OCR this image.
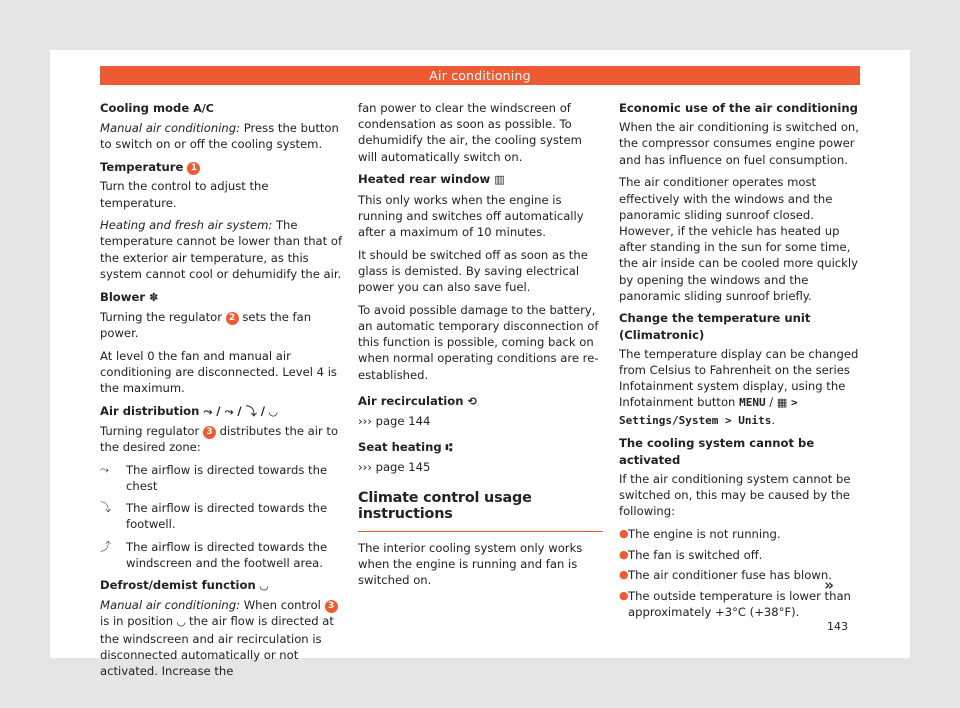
Air conditioning

Cooling mode A/C

Manual air conditioning: Press the button to switch on or off the cooling system.

Temperature 1

Turn the control to adjust the temperature.

Heating and fresh air system: The temperature cannot be lower than that of the exterior air temperature, as this system cannot cool or dehumidify the air.

Blower ✽

Turning the regulator 2 sets the fan power.

At level 0 the fan and manual air conditioning are disconnected. Level 4 is the maximum.

Air distribution ⤳ / ⤳ / ⤵ / ◡

Turning regulator 3 distributes the air to the desired zone:

⤳	The airflow is directed towards the chest
⤵	The airflow is directed towards the footwell.
⤴	The airflow is directed towards the windscreen and the footwell area.

Defrost/demist function ◡

Manual air conditioning: When control 3 is in position ◡ the air flow is directed at the windscreen and air recirculation is disconnected automatically or not activated. Increase the

fan power to clear the windscreen of condensation as soon as possible. To dehumidify the air, the cooling system will automatically switch on.

Heated rear window ▥

This only works when the engine is running and switches off automatically after a maximum of 10 minutes.

It should be switched off as soon as the glass is demisted. By saving electrical power you can also save fuel.

To avoid possible damage to the battery, an automatic temporary disconnection of this function is possible, coming back on when normal operating conditions are re-established.

Air recirculation ⟲

››› page 144

Seat heating ⑆

››› page 145

Climate control usage instructions

The interior cooling system only works when the engine is running and fan is switched on.

Economic use of the air conditioning

When the air conditioning is switched on, the compressor consumes engine power and has influence on fuel consumption.

The air conditioner operates most effectively with the windows and the panoramic sliding sunroof closed. However, if the vehicle has heated up after standing in the sun for some time, the air inside can be cooled more quickly by opening the windows and the panoramic sliding sunroof briefly.

Change the temperature unit (Climatronic)

The temperature display can be changed from Celsius to Fahrenheit on the series Infotainment system display, using the Infotainment button MENU / ▦ > Settings/System > Units.

The cooling system cannot be activated

If the air conditioning system cannot be switched on, this may be caused by the following:

● The engine is not running.
● The fan is switched off.
● The air conditioner fuse has blown.
● The outside temperature is lower than approximately +3°C (+38°F).
»
143
